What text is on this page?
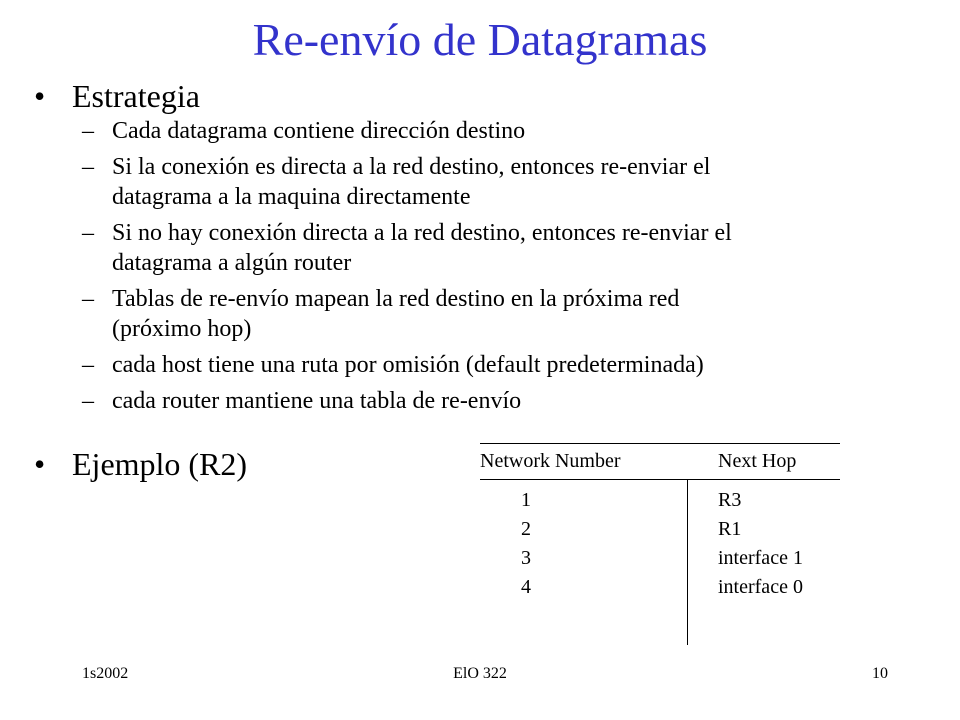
Re-envío de Datagramas
• Estrategia
– Cada datagrama contiene dirección destino
– Si la conexión es directa a la red destino, entonces re-enviar el
datagrama a la maquina directamente
– Si no hay conexión directa a la red destino, entonces re-enviar el
datagrama a algún router
– Tablas de re-envío mapean la red destino en la próxima red
(próximo hop)
– cada host tiene una ruta por omisión (default predeterminada)
– cada router mantiene una tabla de re-envío
• Ejemplo (R2)	Network Number	Next Hop
1	R3
2	R1
3	interface 1
4	interface 0
1s2002	ElO 322	10
